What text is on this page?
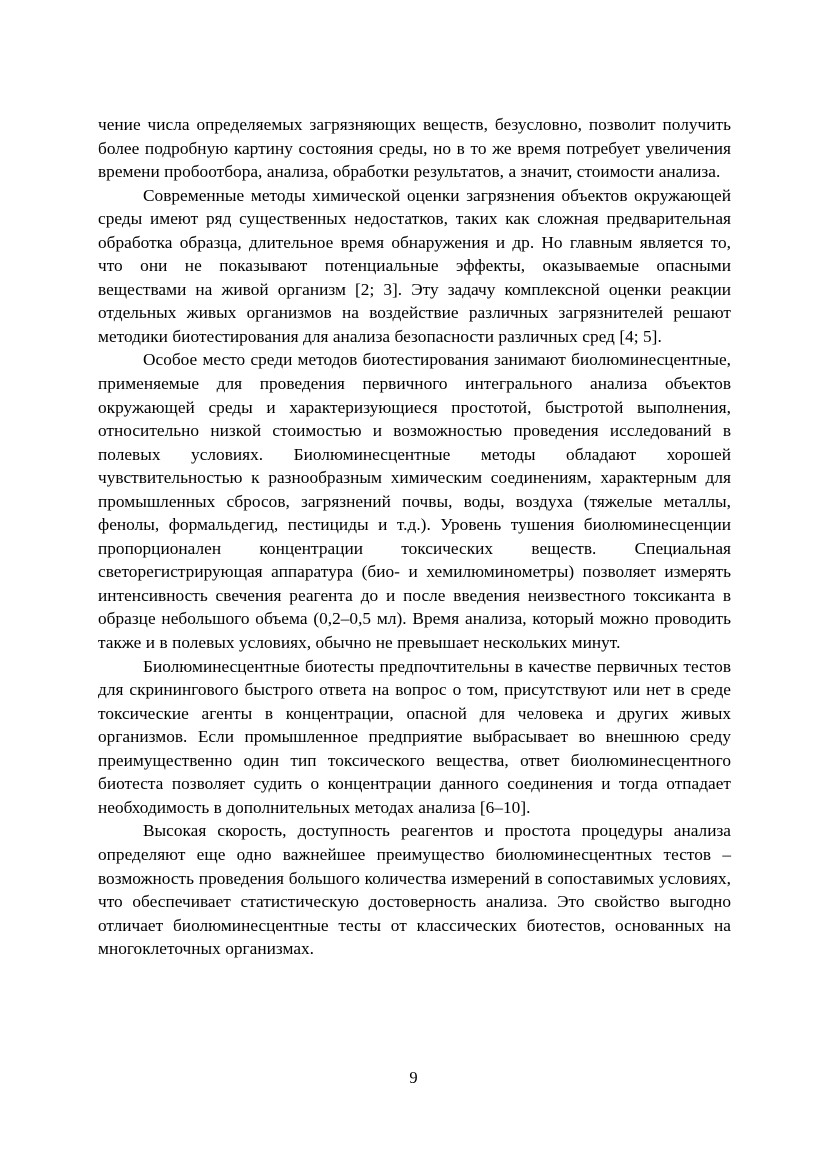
чение числа определяемых загрязняющих веществ, безусловно, позволит получить более подробную картину состояния среды, но в то же время потребует увеличения времени пробоотбора, анализа, обработки результатов, а значит, стоимости анализа.

Современные методы химической оценки загрязнения объектов окружающей среды имеют ряд существенных недостатков, таких как сложная предварительная обработка образца, длительное время обнаружения и др. Но главным является то, что они не показывают потенциальные эффекты, оказываемые опасными веществами на живой организм [2; 3]. Эту задачу комплексной оценки реакции отдельных живых организмов на воздействие различных загрязнителей решают методики биотестирования для анализа безопасности различных сред [4; 5].

Особое место среди методов биотестирования занимают биолюминесцентные, применяемые для проведения первичного интегрального анализа объектов окружающей среды и характеризующиеся простотой, быстротой выполнения, относительно низкой стоимостью и возможностью проведения исследований в полевых условиях. Биолюминесцентные методы обладают хорошей чувствительностью к разнообразным химическим соединениям, характерным для промышленных сбросов, загрязнений почвы, воды, воздуха (тяжелые металлы, фенолы, формальдегид, пестициды и т.д.). Уровень тушения биолюминесценции пропорционален концентрации токсических веществ. Специальная светорегистрирующая аппаратура (био- и хемилюминометры) позволяет измерять интенсивность свечения реагента до и после введения неизвестного токсиканта в образце небольшого объема (0,2–0,5 мл). Время анализа, который можно проводить также и в полевых условиях, обычно не превышает нескольких минут.

Биолюминесцентные биотесты предпочтительны в качестве первичных тестов для скринингового быстрого ответа на вопрос о том, присутствуют или нет в среде токсические агенты в концентрации, опасной для человека и других живых организмов. Если промышленное предприятие выбрасывает во внешнюю среду преимущественно один тип токсического вещества, ответ биолюминесцентного биотеста позволяет судить о концентрации данного соединения и тогда отпадает необходимость в дополнительных методах анализа [6–10].

Высокая скорость, доступность реагентов и простота процедуры анализа определяют еще одно важнейшее преимущество биолюминесцентных тестов – возможность проведения большого количества измерений в сопоставимых условиях, что обеспечивает статистическую достоверность анализа. Это свойство выгодно отличает биолюминесцентные тесты от классических биотестов, основанных на многоклеточных организмах.

9
